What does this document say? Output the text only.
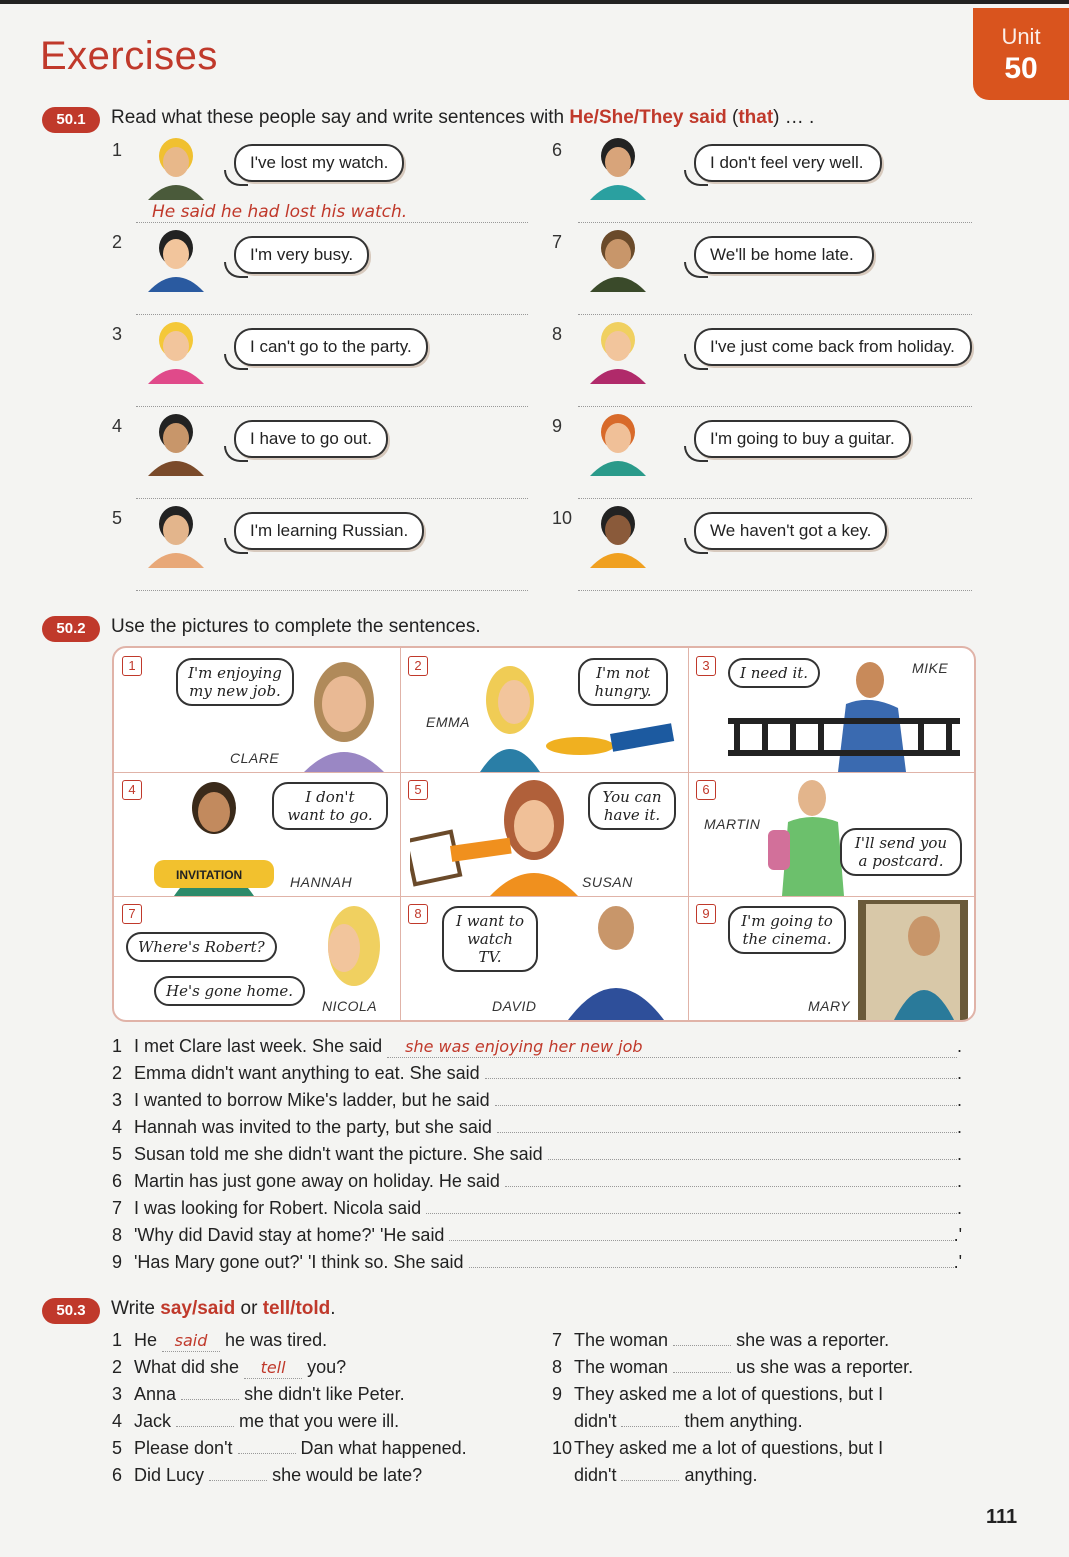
Exercises	Unit
50
50.1	Read what these people say and write sentences with He/She/They said (that) … .
1
I've lost my watch.
He said he had lost his watch.
2
I'm very busy.
3
I can't go to the party.
4
I have to go out.
5
I'm learning Russian.
6
I don't feel very well.
7
We'll be home late.
8
I've just come back from holiday.
9
I'm going to buy a guitar.
10
We haven't got a key.
50.2	Use the pictures to complete the sentences.
1	I'm enjoying
my new job.
CLARE
2
EMMA
I'm not
hungry.
3	I need it.	MIKE
4
INVITATION
I don't
want to go.
HANNAH
5	You can
have it.
SUSAN
6
MARTIN
I'll send you
a postcard.
7
Where's Robert?
He's gone home.
NICOLA
8	I want to
watch TV.
DAVID
9	I'm going to
the cinema.
MARY
1 I met Clare last week. She said she was enjoying her new job	.
2 Emma didn't want anything to eat. She said	.
3 I wanted to borrow Mike's ladder, but he said	.
4 Hannah was invited to the party, but she said	.
5 Susan told me she didn't want the picture. She said	.
6 Martin has just gone away on holiday. He said	.
7 I was looking for Robert. Nicola said	.
8 'Why did David stay at home?' 'He said	.'
9 'Has Mary gone out?' 'I think so. She said	.'
50.3	Write say/said or tell/told.
1 He said he was tired.
2 What did she tell you?
3 Anna	she didn't like Peter.
4 Jack	me that you were ill.
5 Please don't	Dan what happened.
6 Did Lucy	she would be late?
7 The woman	she was a reporter.
8 The woman	us she was a reporter.
9 They asked me a lot of questions, but I
didn't	them anything.
10 They asked me a lot of questions, but I
didn't	anything.
111
